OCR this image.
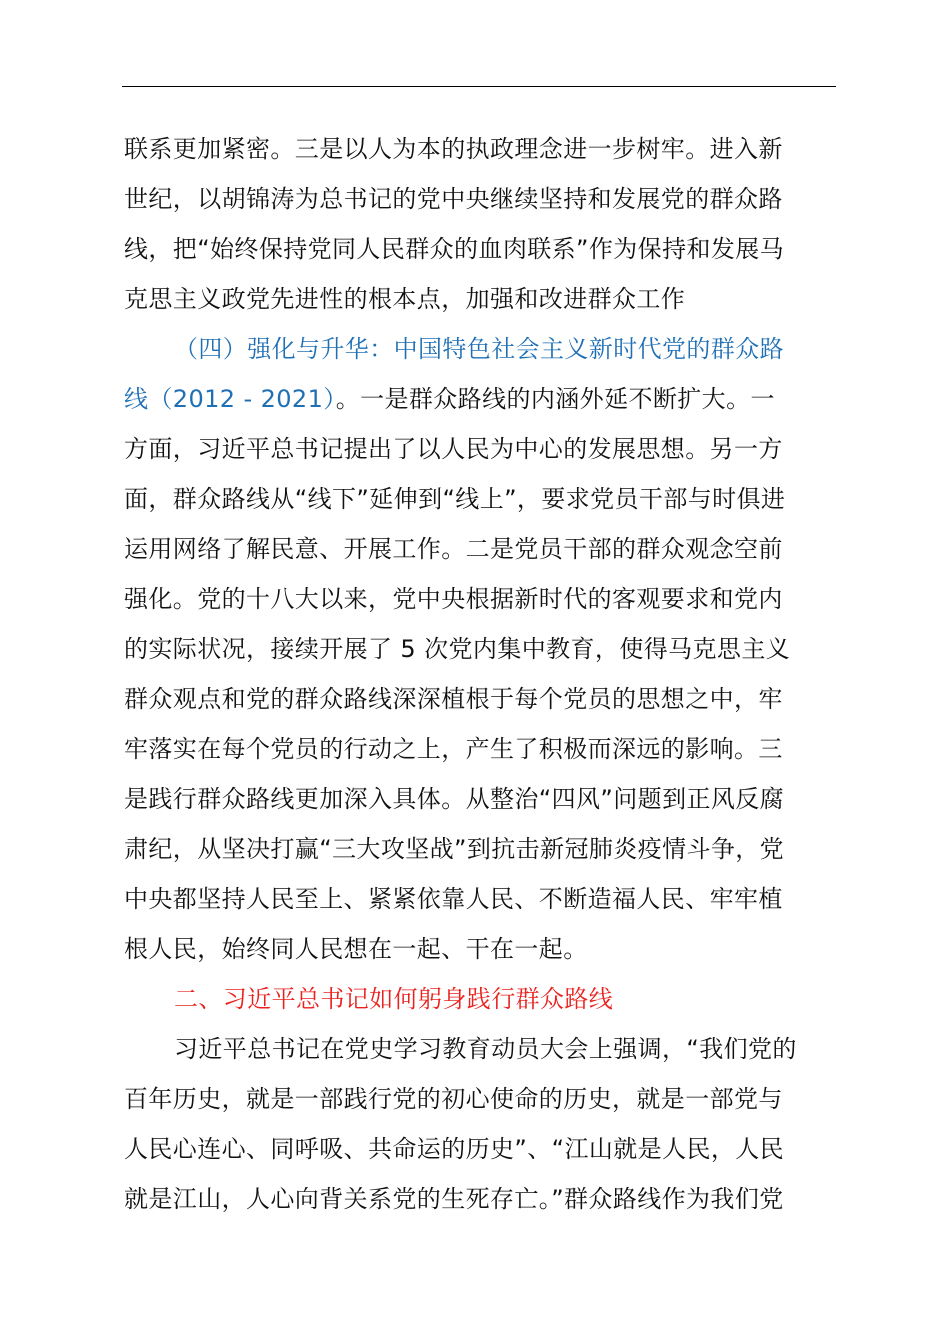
联系更加紧密。三是以人为本的执政理念进一步树牢。进入新
世纪，以胡锦涛为总书记的党中央继续坚持和发展党的群众路
线，把“始终保持党同人民群众的血肉联系”作为保持和发展马
克思主义政党先进性的根本点，加强和改进群众工作
（四）强化与升华：中国特色社会主义新时代党的群众路
线（2012 - 2021）。一是群众路线的内涵外延不断扩大。一
方面，习近平总书记提出了以人民为中心的发展思想。另一方
面，群众路线从“线下”延伸到“线上”，要求党员干部与时俱进
运用网络了解民意、开展工作。二是党员干部的群众观念空前
强化。党的十八大以来，党中央根据新时代的客观要求和党内
的实际状况，接续开展了 5 次党内集中教育，使得马克思主义
群众观点和党的群众路线深深植根于每个党员的思想之中，牢
牢落实在每个党员的行动之上，产生了积极而深远的影响。三
是践行群众路线更加深入具体。从整治“四风”问题到正风反腐
肃纪，从坚决打赢“三大攻坚战”到抗击新冠肺炎疫情斗争，党
中央都坚持人民至上、紧紧依靠人民、不断造福人民、牢牢植
根人民，始终同人民想在一起、干在一起。
二、习近平总书记如何躬身践行群众路线
习近平总书记在党史学习教育动员大会上强调，“我们党的
百年历史，就是一部践行党的初心使命的历史，就是一部党与
人民心连心、同呼吸、共命运的历史”、“江山就是人民，人民
就是江山，人心向背关系党的生死存亡。”群众路线作为我们党
